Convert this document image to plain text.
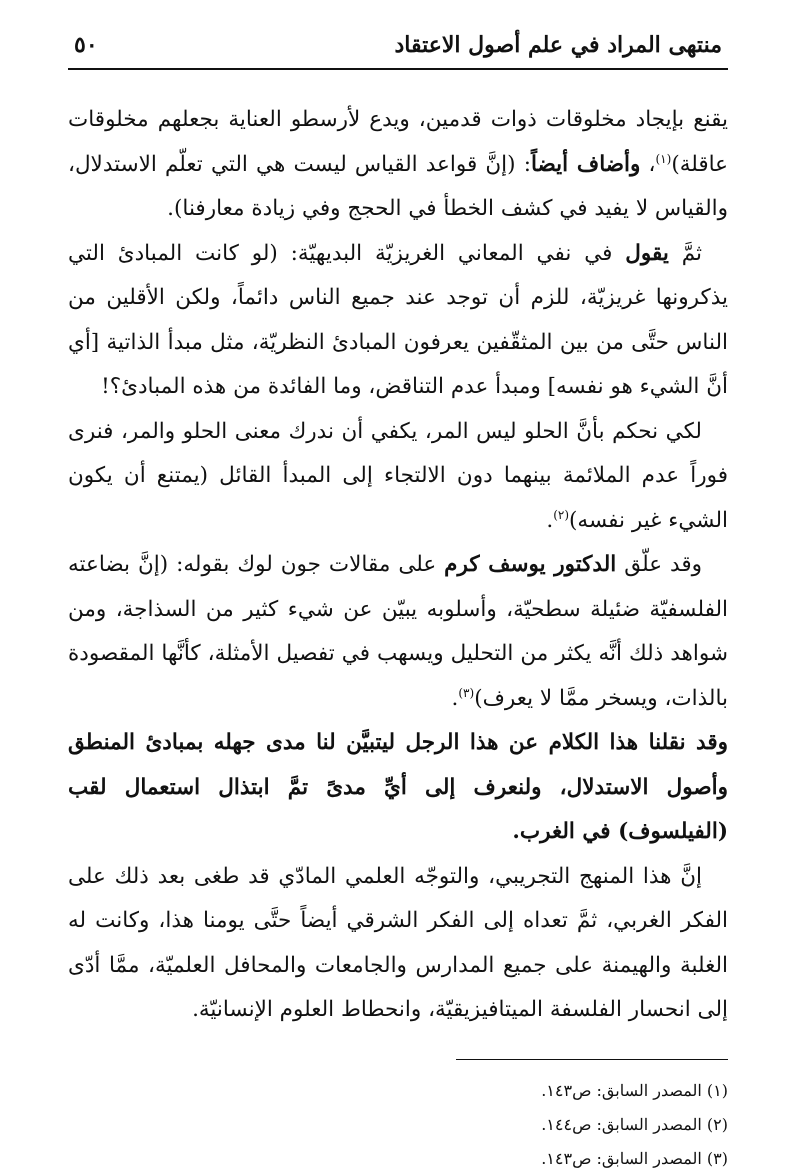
منتهى المراد في علم أصول الاعتقاد
٥٠

يقنع بإيجاد مخلوقات ذوات قدمين، ويدع لأرسطو العناية بجعلهم مخلوقات عاقلة)$^{(١)}$، وأضاف أيضاً: (إنَّ قواعد القياس ليست هي التي تعلّم الاستدلال، والقياس لا يفيد في كشف الخطأ في الحجج وفي زيادة معارفنا).

ثمَّ يقول في نفي المعاني الغريزيّة البديهيّة: (لو كانت المبادئ التي يذكرونها غريزيّة، للزم أن توجد عند جميع الناس دائماً، ولكن الأقلين من الناس حتَّى من بين المثقّفين يعرفون المبادئ النظريّة، مثل مبدأ الذاتية [أي أنَّ الشيء هو نفسه] ومبدأ عدم التناقض، وما الفائدة من هذه المبادئ؟!

لكي نحكم بأنَّ الحلو ليس المر، يكفي أن ندرك معنى الحلو والمر، فنرى فوراً عدم الملائمة بينهما دون الالتجاء إلى المبدأ القائل (يمتنع أن يكون الشيء غير نفسه)$^{(٢)}$.

وقد علّق الدكتور يوسف كرم على مقالات جون لوك بقوله: (إنَّ بضاعته الفلسفيّة ضئيلة سطحيّة، وأسلوبه يبيّن عن شيء كثير من السذاجة، ومن شواهد ذلك أنَّه يكثر من التحليل ويسهب في تفصيل الأمثلة، كأنَّها المقصودة بالذات، ويسخر ممَّا لا يعرف)$^{(٣)}$.

وقد نقلنا هذا الكلام عن هذا الرجل ليتبيَّن لنا مدى جهله بمبادئ المنطق وأصول الاستدلال، ولنعرف إلى أيِّ مدىً تمَّ ابتذال استعمال لقب (الفيلسوف) في الغرب.

إنَّ هذا المنهج التجريبي، والتوجّه العلمي المادّي قد طغى بعد ذلك على الفكر الغربي، ثمَّ تعداه إلى الفكر الشرقي أيضاً حتَّى يومنا هذا، وكانت له الغلبة والهيمنة على جميع المدارس والجامعات والمحافل العلميّة، ممَّا أدّى إلى انحسار الفلسفة الميتافيزيقيّة، وانحطاط العلوم الإنسانيّة.

(١) المصدر السابق: ص١٤٣.
(٢) المصدر السابق: ص١٤٤.
(٣) المصدر السابق: ص١٤٣.
